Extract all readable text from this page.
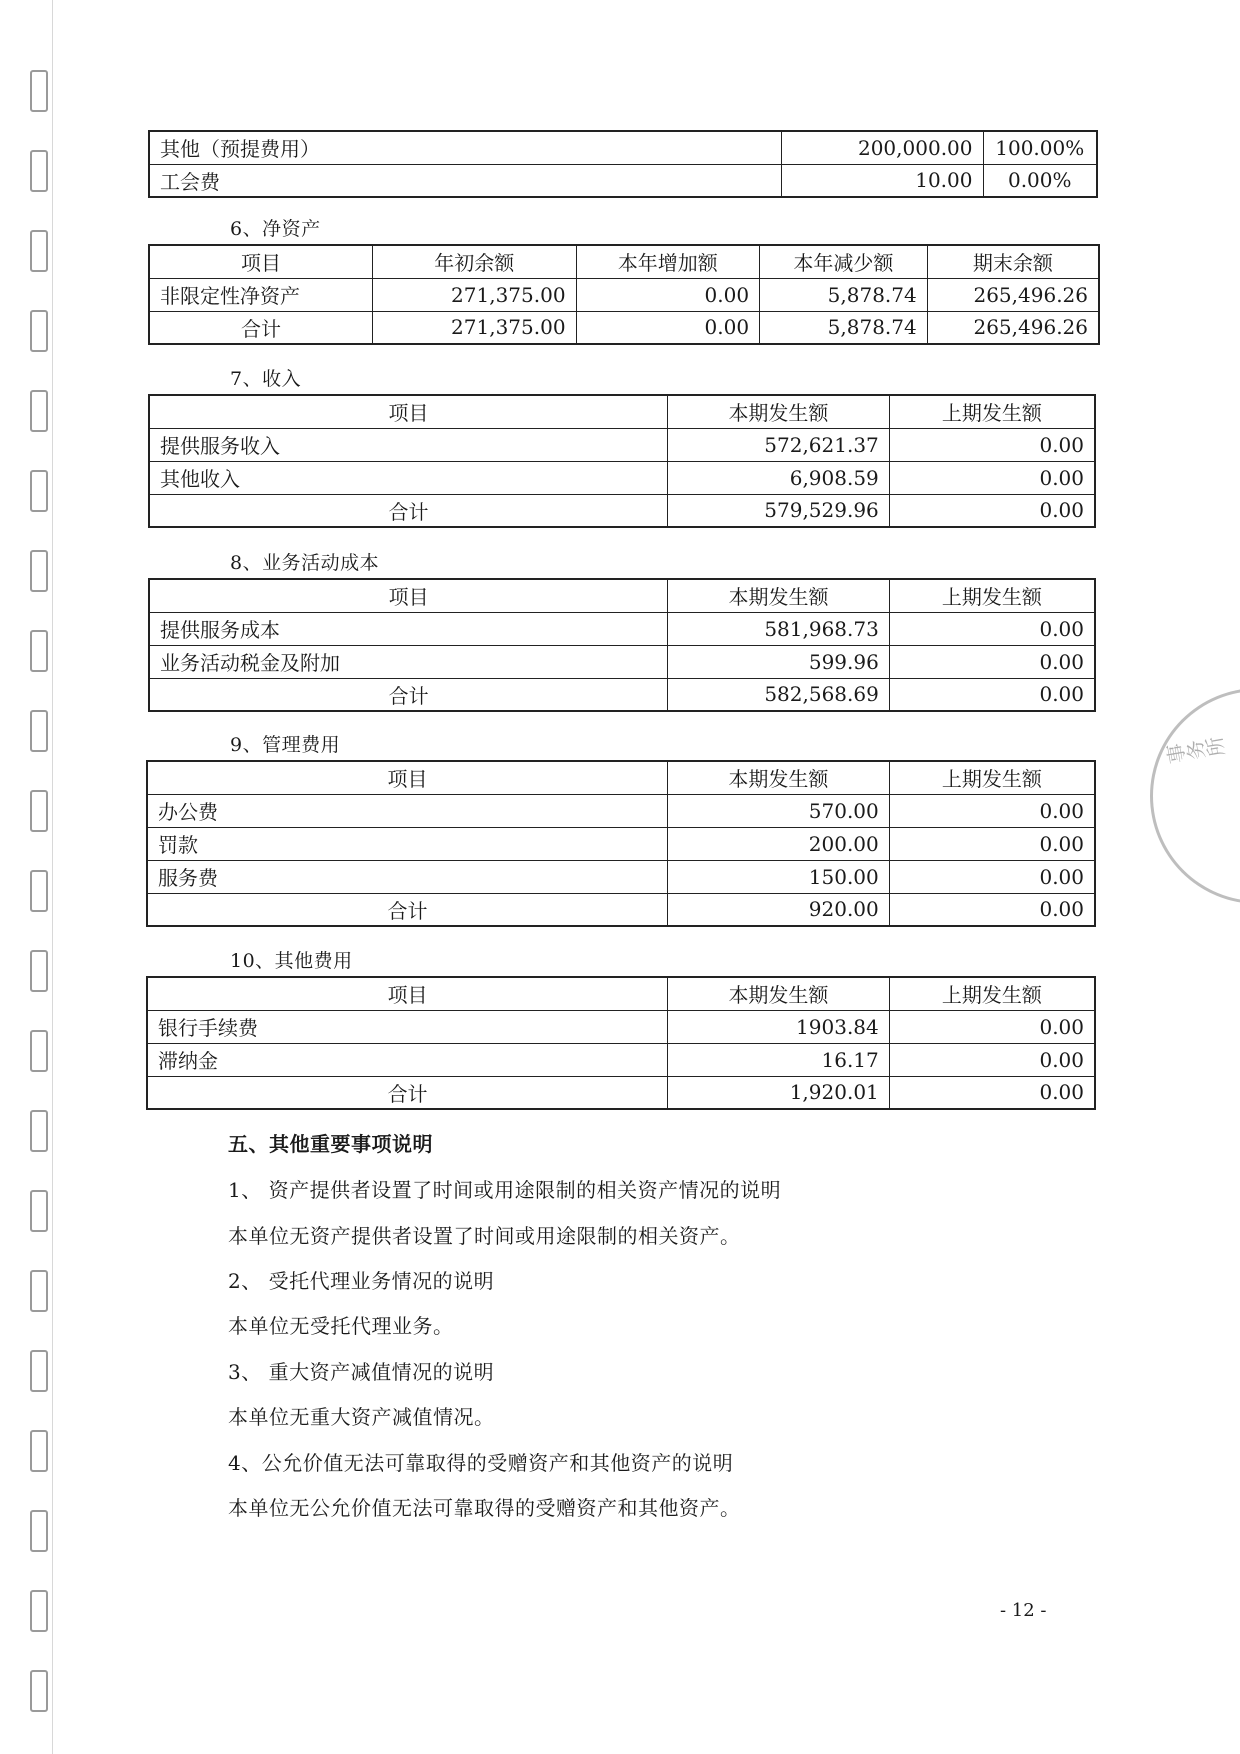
其他（预提费用）	200,000.00	100.00%
工会费	10.00	0.00%
6、净资产
项目	年初余额	本年增加额	本年减少额	期末余额
非限定性净资产	271,375.00	0.00	5,878.74	265,496.26
合计	271,375.00	0.00	5,878.74	265,496.26
7、收入
项目	本期发生额	上期发生额
提供服务收入	572,621.37	0.00
其他收入	6,908.59	0.00
合计	579,529.96	0.00
8、业务活动成本
项目	本期发生额	上期发生额
提供服务成本	581,968.73	0.00
业务活动税金及附加	599.96	0.00
合计	582,568.69	0.00
9、管理费用
项目	本期发生额	上期发生额
办公费	570.00	0.00
罚款	200.00	0.00
服务费	150.00	0.00
合计	920.00	0.00
10、其他费用
项目	本期发生额	上期发生额
银行手续费	1903.84	0.00
滞纳金	16.17	0.00
合计	1,920.01	0.00
五、其他重要事项说明
1、 资产提供者设置了时间或用途限制的相关资产情况的说明
本单位无资产提供者设置了时间或用途限制的相关资产。
2、 受托代理业务情况的说明
本单位无受托代理业务。
3、 重大资产减值情况的说明
本单位无重大资产减值情况。
4、公允价值无法可靠取得的受赠资产和其他资产的说明
本单位无公允价值无法可靠取得的受赠资产和其他资产。
- 12 -
事务所
